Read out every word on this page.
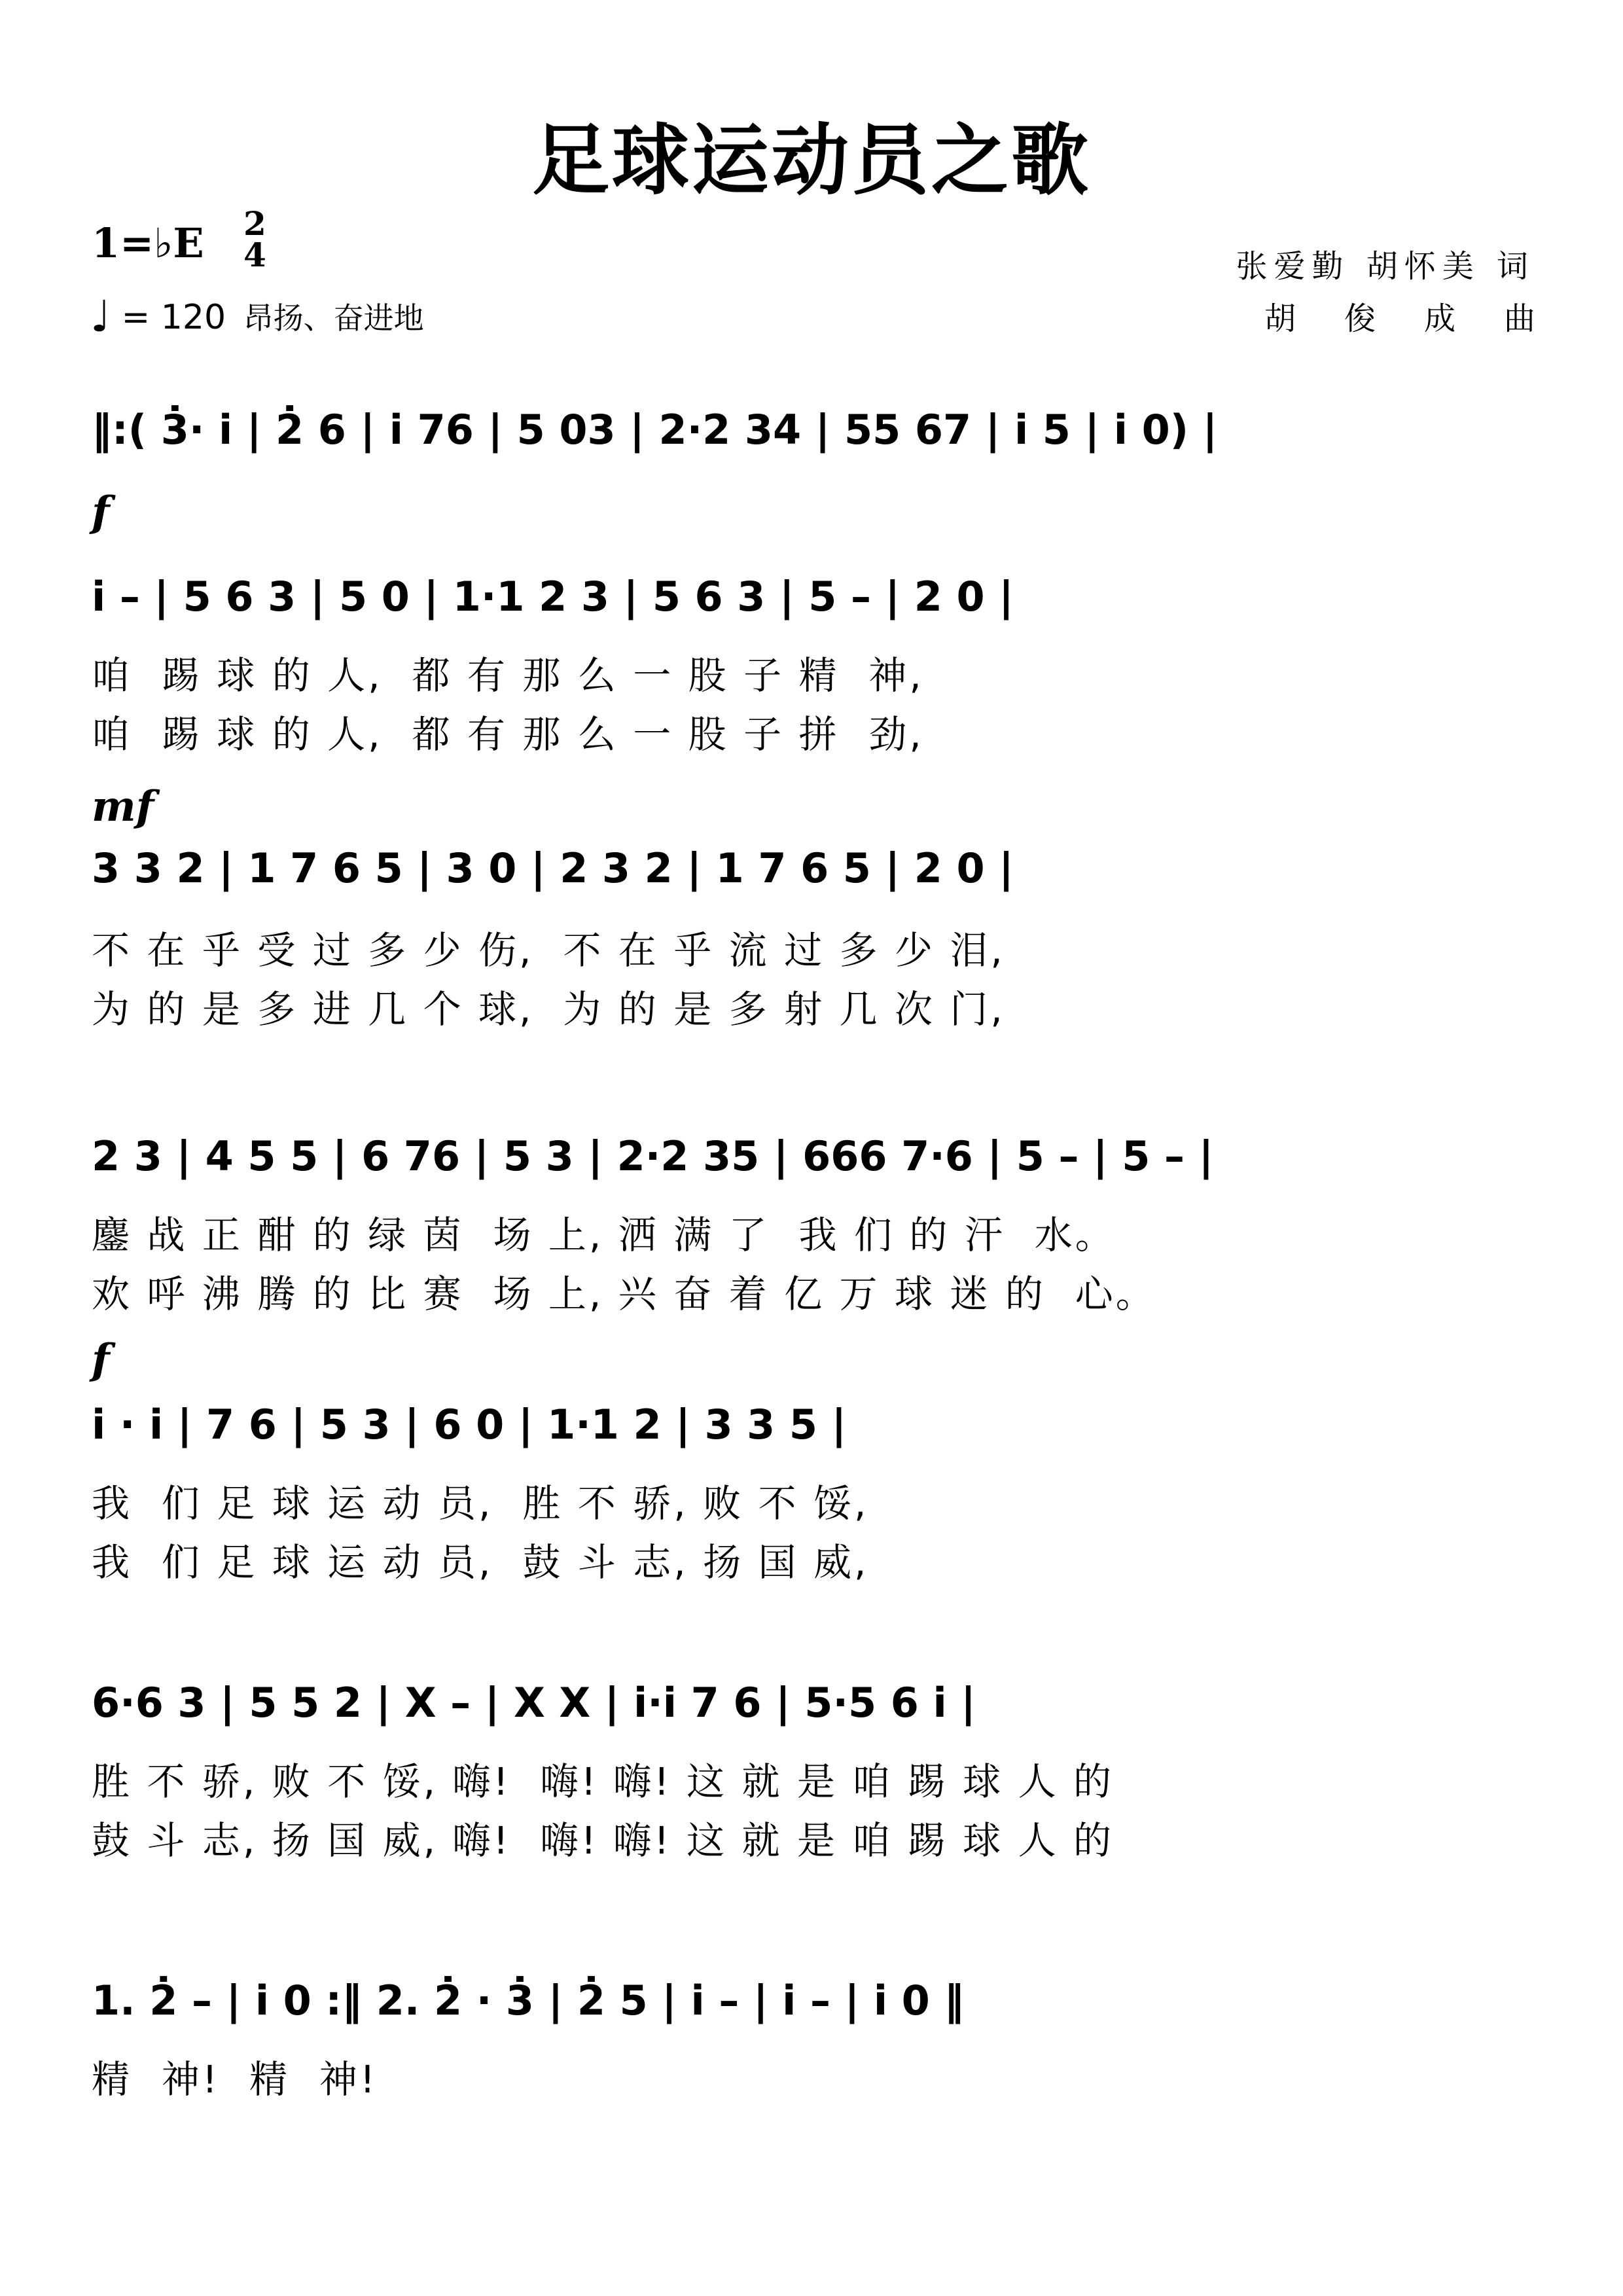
足球运动员之歌
1=♭E 2
4
♩ = 120 昂扬、奋进地
张爱勤 胡怀美 词
胡俊成曲
‖:( 3̇· i̇ | 2̇ 6 | i̇ 76 | 5 03 | 2·2 34 | 55 67 | i̇ 5 | i̇ 0) |
f
i̇ – | 5 6 3 | 5 0 | 1·1 2 3 | 5 6 3 | 5 – | 2 0 |
咱  踢 球 的 人,  都 有 那 么 一 股 子 精  神,
咱  踢 球 的 人,  都 有 那 么 一 股 子 拼  劲,
mf
3 3 2 | 1 7 6 5 | 3 0 | 2 3 2 | 1 7 6 5 | 2 0 |
不 在 乎 受 过 多 少 伤,  不 在 乎 流 过 多 少 泪,
为 的 是 多 进 几 个 球,  为 的 是 多 射 几 次 门,
2 3 | 4 5 5 | 6 76 | 5 3 | 2·2 35 | 666 7·6 | 5 – | 5 – |
鏖 战 正 酣 的 绿 茵  场 上, 洒 满 了  我 们 的 汗  水。
欢 呼 沸 腾 的 比 赛  场 上, 兴 奋 着 亿 万 球 迷 的  心。
f
i̇ · i̇ | 7 6 | 5 3 | 6 0 | 1·1 2 | 3 3 5 |
我  们 足 球 运 动 员,  胜 不 骄, 败 不 馁,
我  们 足 球 运 动 员,  鼓 斗 志, 扬 国 威,
6·6 3 | 5 5 2 | X – | X X | i̇·i̇ 7 6 | 5·5 6 i̇ |
胜 不 骄, 败 不 馁, 嗨!  嗨! 嗨! 这 就 是 咱 踢 球 人 的
鼓 斗 志, 扬 国 威, 嗨!  嗨! 嗨! 这 就 是 咱 踢 球 人 的
1. 2̇ – | i̇ 0 :‖ 2. 2̇ · 3̇ | 2̇ 5 | i̇ – | i̇ – | i̇ 0 ‖
精  神!  精  神!
